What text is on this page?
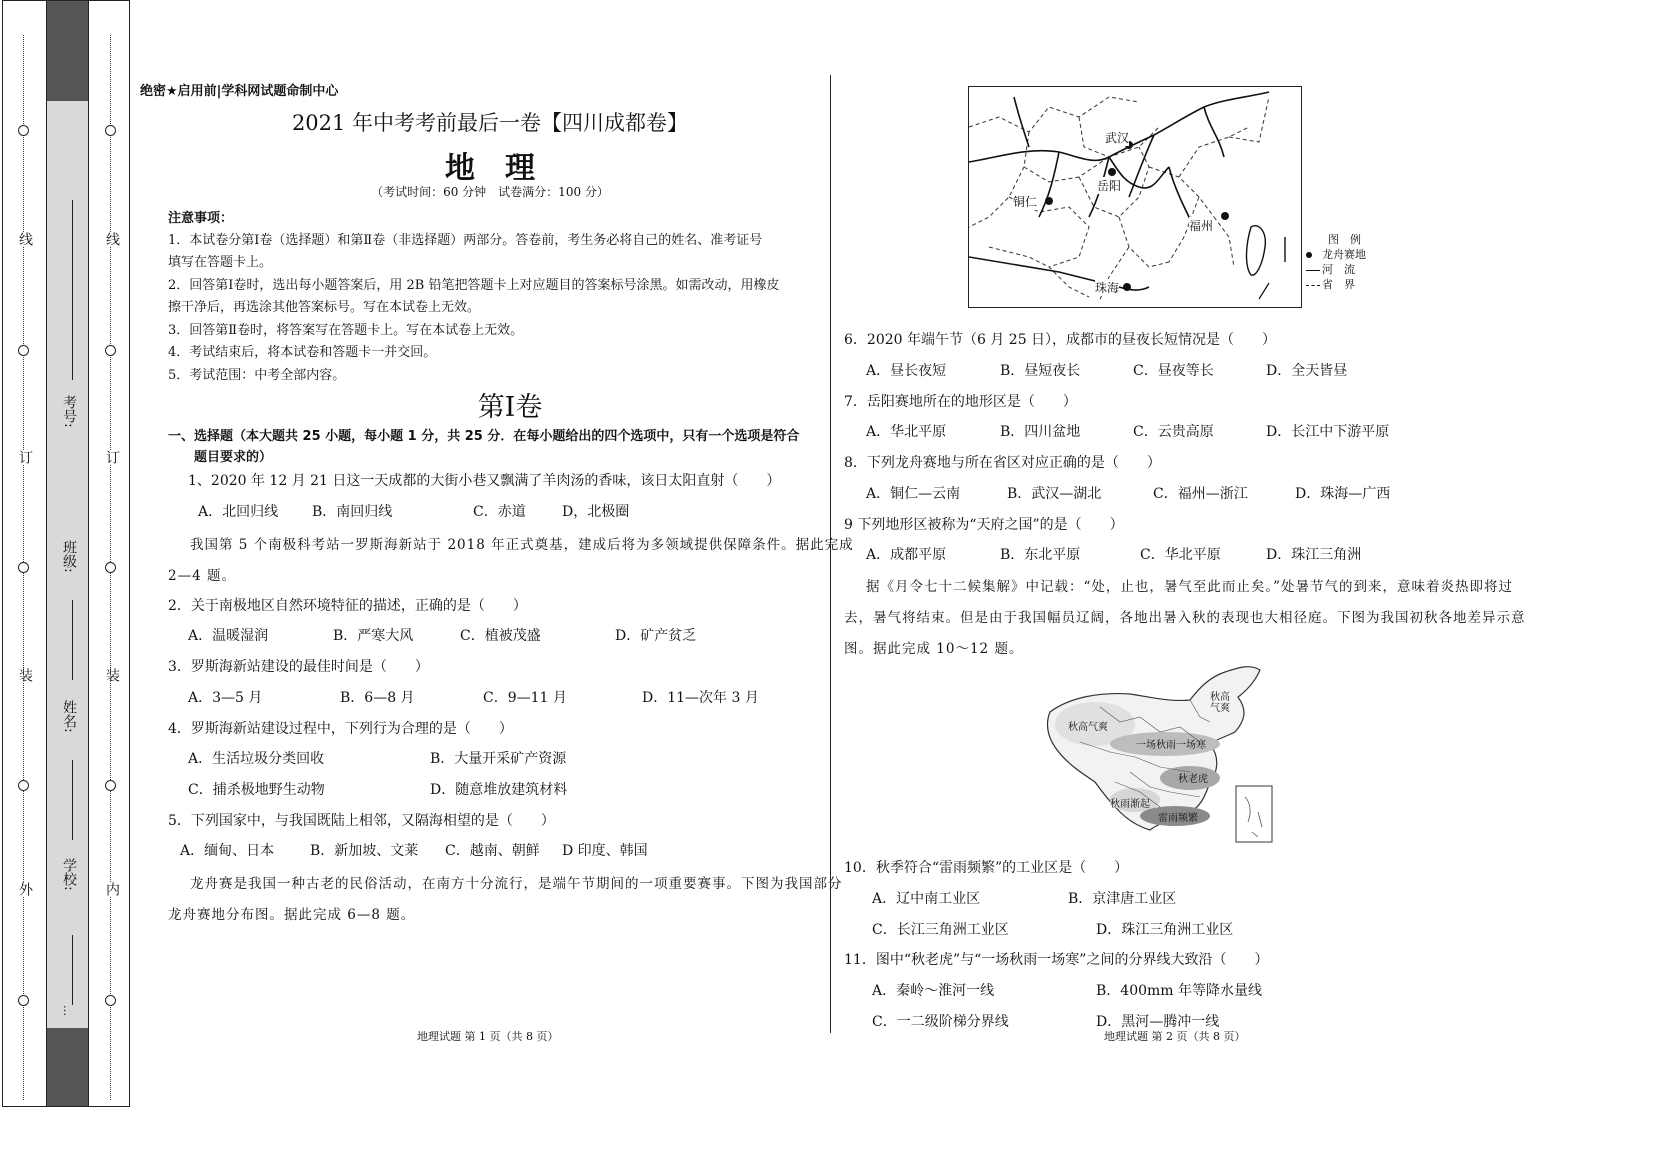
线
订
装
外
线
订
装
内
学校:
姓名:
班级:
考号:
…
绝密★启用前|学科网试题命制中心
2021 年中考考前最后一卷【四川成都卷】
地　理
（考试时间：60 分钟　试卷满分：100 分）
注意事项：
1．本试卷分第Ⅰ卷（选择题）和第Ⅱ卷（非选择题）两部分。答卷前，考生务必将自己的姓名、准考证号
填写在答题卡上。
2．回答第Ⅰ卷时，选出每小题答案后，用 2B 铅笔把答题卡上对应题目的答案标号涂黑。如需改动，用橡皮
擦干净后，再选涂其他答案标号。写在本试卷上无效。
3．回答第Ⅱ卷时，将答案写在答题卡上。写在本试卷上无效。
4．考试结束后，将本试卷和答题卡一并交回。
5．考试范围：中考全部内容。
第Ⅰ卷
一、选择题（本大题共 25 小题，每小题 1 分，共 25 分．在每小题给出的四个选项中，只有一个选项是符合
题目要求的）
1、2020 年 12 月 21 日这一天成都的大街小巷又飘满了羊肉汤的香味，该日太阳直射（　　）
A．北回归线 B．南回归线	C．赤道	D，北极圈
我国第 5 个南极科考站一罗斯海新站于 2018 年正式奠基，建成后将为多领域提供保障条件。据此完成
2—4 题。
2．关于南极地区自然环境特征的描述，正确的是（　　）
A．温暖湿润	B．严寒大风	C．植被茂盛	D．矿产贫乏
3．罗斯海新站建设的最佳时间是（　　）
A．3—5 月	B．6—8 月	C．9—11 月	D．11—次年 3 月
4．罗斯海新站建设过程中，下列行为合理的是（　　）
A．生活垃圾分类回收	B．大量开采矿产资源
C．捕杀极地野生动物	D．随意堆放建筑材料
5．下列国家中，与我国既陆上相邻，又隔海相望的是（　　）
A．缅甸、日本	B．新加坡、文莱 C．越南、朝鲜 D 印度、韩国
龙舟赛是我国一种古老的民俗活动，在南方十分流行，是端午节期间的一项重要赛事。下图为我国部分
龙舟赛地分布图。据此完成 6—8 题。
地理试题 第 1 页（共 8 页）
武汉
岳阳
铜仁
福州
珠海
图　例
龙舟赛地
河　流
省　界
6．2020 年端午节（6 月 25 日），成都市的昼夜长短情况是（　　）
A．昼长夜短	B．昼短夜长	C．昼夜等长	D．全天皆昼
7．岳阳赛地所在的地形区是（　　）
A．华北平原	B．四川盆地	C．云贵高原	D．长江中下游平原
8．下列龙舟赛地与所在省区对应正确的是（　　）
A．铜仁—云南	B．武汉—湖北	C．福州—浙江	D．珠海—广西
9 下列地形区被称为“天府之国”的是（　　）
A．成都平原	B．东北平原	C．华北平原	D．珠江三角洲
据《月令七十二候集解》中记载：“处，止也，暑气至此而止矣。”处暑节气的到来，意味着炎热即将过
去，暑气将结束。但是由于我国幅员辽阔，各地出暑入秋的表现也大相径庭。下图为我国初秋各地差异示意
图。据此完成 10～12 题。
秋高气爽
秋高
气爽
一场秋雨一场寒
秋老虎
秋雨渐起
雷雨频繁
10．秋季符合“雷雨频繁”的工业区是（　　）
A．辽中南工业区	B．京津唐工业区
C．长江三角洲工业区	D．珠江三角洲工业区
11．图中“秋老虎”与“一场秋雨一场寒”之间的分界线大致沿（　　）
A．秦岭～淮河一线	B．400mm 年等降水量线
C．一二级阶梯分界线	D．黑河—腾冲一线
地理试题 第 2 页（共 8 页）
